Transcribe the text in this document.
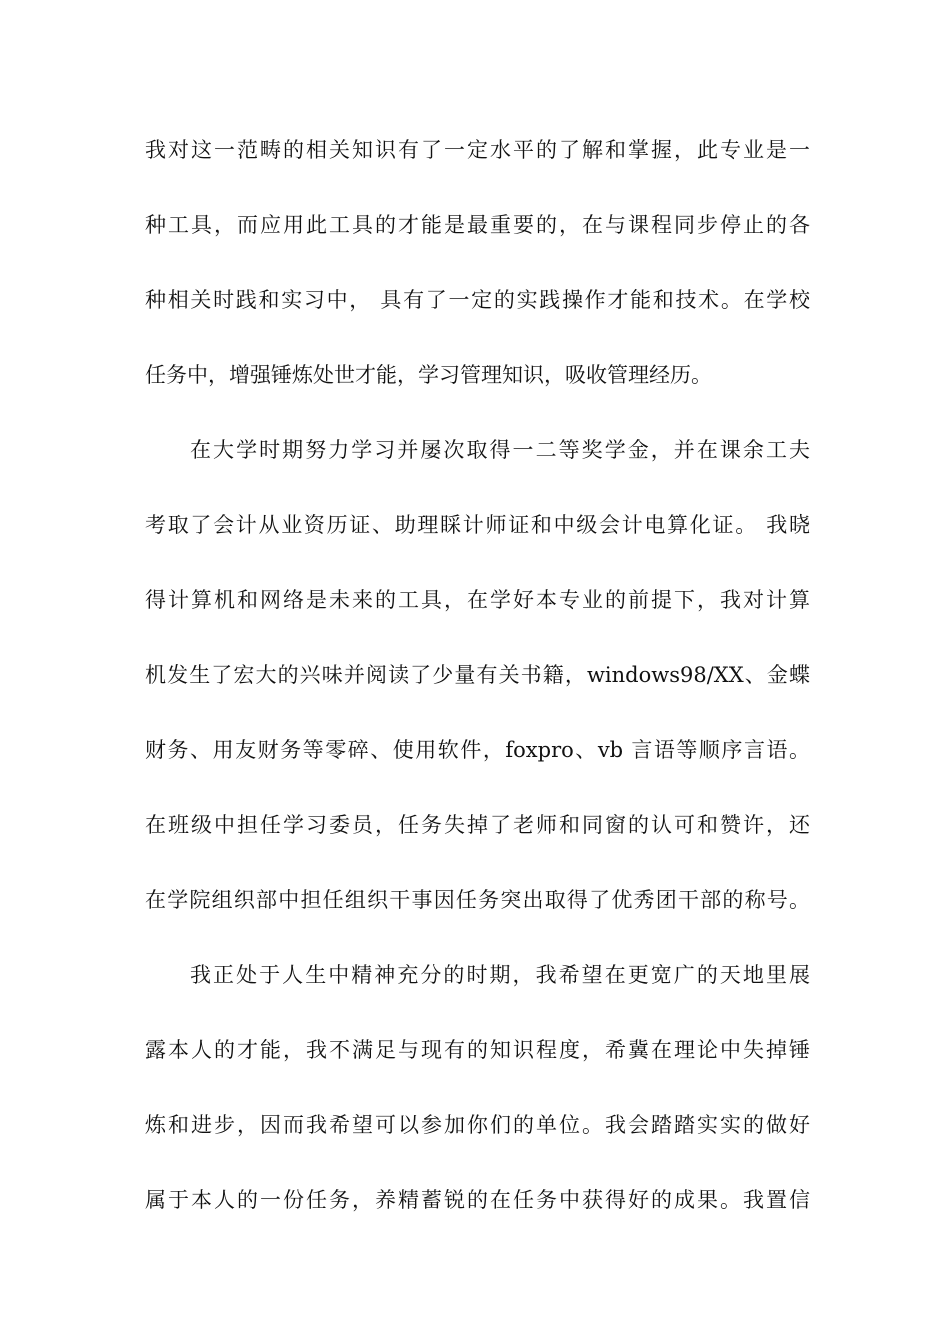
我对这一范畴的相关知识有了一定水平的了解和掌握，此专业是一
种工具，而应用此工具的才能是最重要的，在与课程同步停止的各
种相关时践和实习中， 具有了一定的实践操作才能和技术。在学校
任务中，增强锤炼处世才能，学习管理知识，吸收管理经历。
在大学时期努力学习并屡次取得一二等奖学金，并在课余工夫
考取了会计从业资历证、助理睬计师证和中级会计电算化证。 我晓
得计算机和网络是未来的工具，在学好本专业的前提下，我对计算
机发生了宏大的兴味并阅读了少量有关书籍，windows98/XX、金蝶
财务、用友财务等零碎、使用软件，foxpro、vb 言语等顺序言语。
在班级中担任学习委员，任务失掉了老师和同窗的认可和赞许，还
在学院组织部中担任组织干事因任务突出取得了优秀团干部的称号。
我正处于人生中精神充分的时期，我希望在更宽广的天地里展
露本人的才能，我不满足与现有的知识程度，希冀在理论中失掉锤
炼和进步，因而我希望可以参加你们的单位。我会踏踏实实的做好
属于本人的一份任务，养精蓄锐的在任务中获得好的成果。我置信
